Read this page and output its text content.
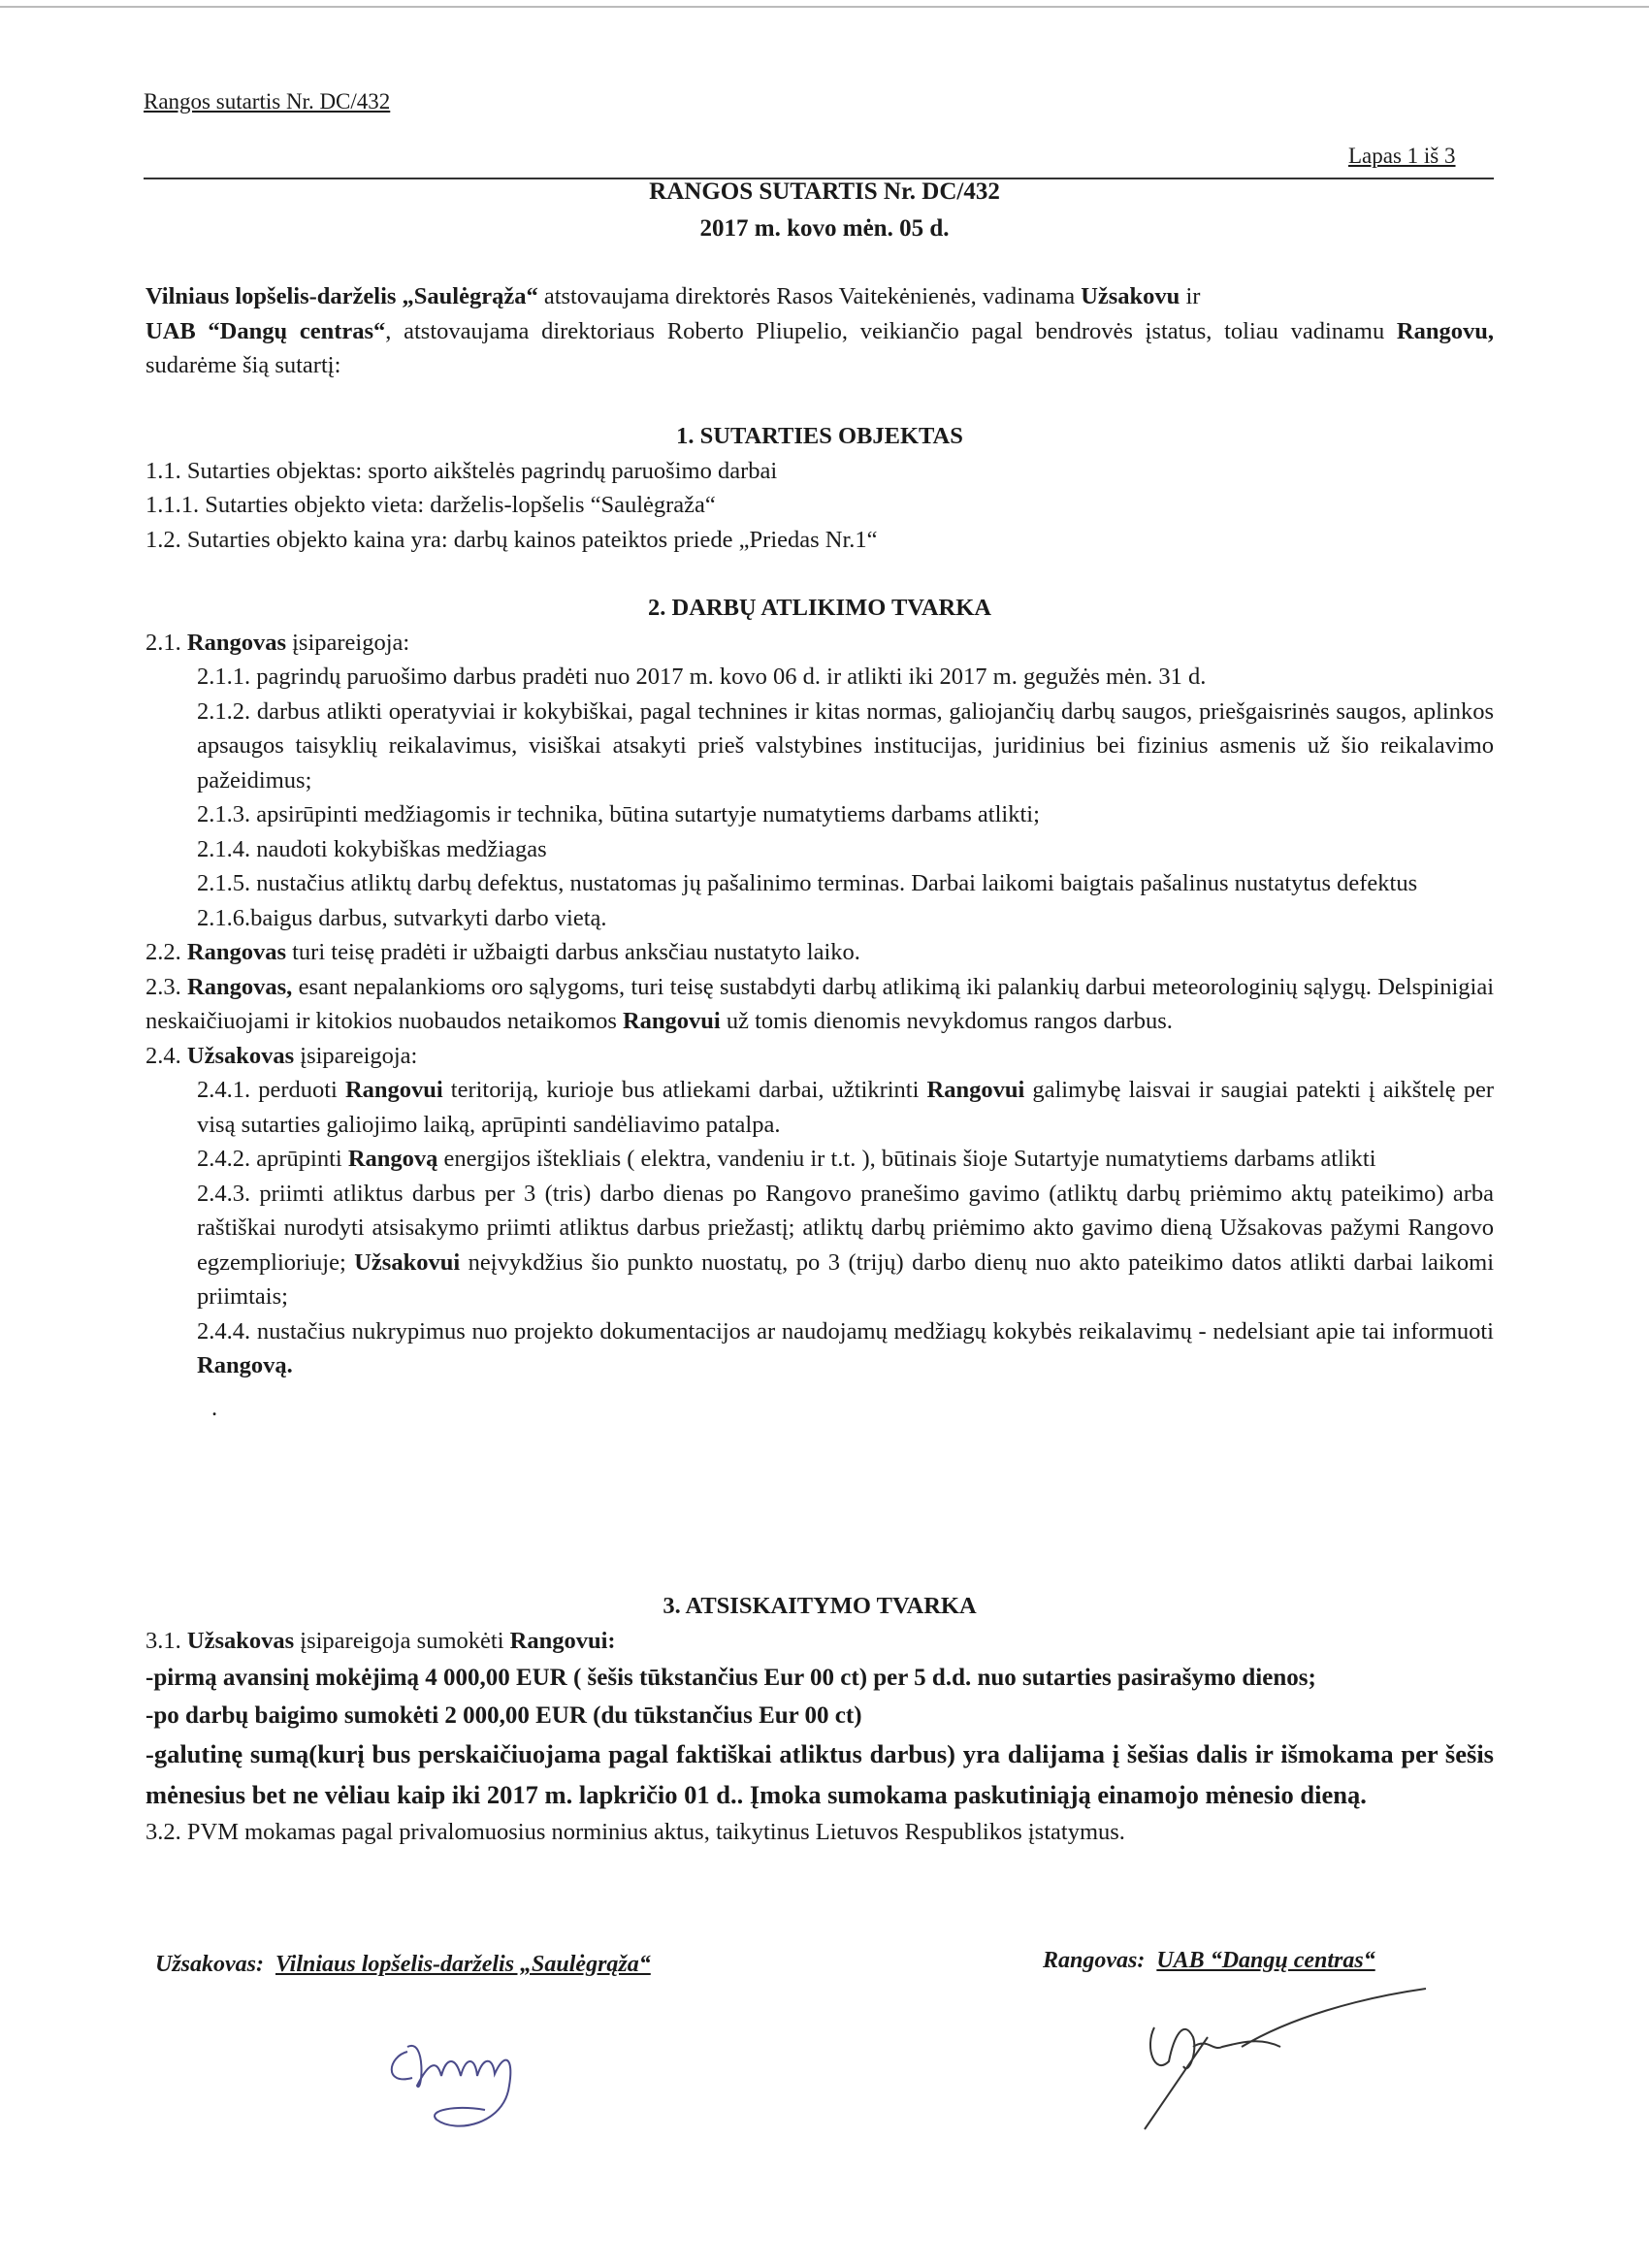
Rangos sutartis Nr. DC/432
Lapas 1 iš 3
RANGOS SUTARTIS Nr. DC/432
2017 m. kovo mėn. 05 d.

Vilniaus lopšelis-darželis „Saulėgrąža“ atstovaujama direktorės Rasos Vaitekėnienės, vadinama Užsakovu ir
UAB “Dangų centras“, atstovaujama direktoriaus Roberto Pliupelio, veikiančio pagal bendrovės įstatus, toliau vadinamu Rangovu, sudarėme šią sutartį:

1. SUTARTIES OBJEKTAS

1.1. Sutarties objektas: sporto aikštelės pagrindų paruošimo darbai

1.1.1. Sutarties objekto vieta: darželis-lopšelis “Saulėgraža“

1.2. Sutarties objekto kaina yra: darbų kainos pateiktos priede „Priedas Nr.1“

2. DARBŲ ATLIKIMO TVARKA

2.1. Rangovas įsipareigoja:

2.1.1. pagrindų paruošimo darbus pradėti nuo 2017 m. kovo 06 d. ir atlikti iki 2017 m. gegužės mėn. 31 d.

2.1.2. darbus atlikti operatyviai ir kokybiškai, pagal technines ir kitas normas, galiojančių darbų saugos, priešgaisrinės saugos, aplinkos apsaugos taisyklių reikalavimus, visiškai atsakyti prieš valstybines institucijas, juridinius bei fizinius asmenis už šio reikalavimo pažeidimus;

2.1.3. apsirūpinti medžiagomis ir technika, būtina sutartyje numatytiems darbams atlikti;

2.1.4. naudoti kokybiškas medžiagas

2.1.5. nustačius atliktų darbų defektus, nustatomas jų pašalinimo terminas. Darbai laikomi baigtais pašalinus nustatytus defektus

2.1.6.baigus darbus, sutvarkyti darbo vietą.

2.2. Rangovas turi teisę pradėti ir užbaigti darbus anksčiau nustatyto laiko.

2.3. Rangovas, esant nepalankioms oro sąlygoms, turi teisę sustabdyti darbų atlikimą iki palankių darbui meteorologinių sąlygų. Delspinigiai neskaičiuojami ir kitokios nuobaudos netaikomos Rangovui už tomis dienomis nevykdomus rangos darbus.

2.4. Užsakovas įsipareigoja:

2.4.1. perduoti Rangovui teritoriją, kurioje bus atliekami darbai, užtikrinti Rangovui galimybę laisvai ir saugiai patekti į aikštelę per visą sutarties galiojimo laiką, aprūpinti sandėliavimo patalpa.

2.4.2. aprūpinti Rangovą energijos ištekliais ( elektra, vandeniu ir t.t. ), būtinais šioje Sutartyje numatytiems darbams atlikti

2.4.3. priimti atliktus darbus per 3 (tris) darbo dienas po Rangovo pranešimo gavimo (atliktų darbų priėmimo aktų pateikimo) arba raštiškai nurodyti atsisakymo priimti atliktus darbus priežastį; atliktų darbų priėmimo akto gavimo dieną Užsakovas pažymi Rangovo egzemplioriuje; Užsakovui neįvykdžius šio punkto nuostatų, po 3 (trijų) darbo dienų nuo akto pateikimo datos atlikti darbai laikomi priimtais;

2.4.4. nustačius nukrypimus nuo projekto dokumentacijos ar naudojamų medžiagų kokybės reikalavimų - nedelsiant apie tai informuoti Rangovą.

.

3. ATSISKAITYMO TVARKA

3.1. Užsakovas įsipareigoja sumokėti Rangovui:

-pirmą avansinį mokėjimą 4 000,00 EUR ( šešis tūkstančius Eur 00 ct) per 5 d.d. nuo sutarties pasirašymo dienos;

-po darbų baigimo sumokėti 2 000,00 EUR (du tūkstančius Eur 00 ct)

-galutinę sumą(kurį bus perskaičiuojama pagal faktiškai atliktus darbus) yra dalijama į šešias dalis ir išmokama per šešis mėnesius bet ne vėliau kaip iki 2017 m. lapkričio 01 d.. Įmoka sumokama paskutiniąją einamojo mėnesio dieną.

3.2. PVM mokamas pagal privalomuosius norminius aktus, taikytinus Lietuvos Respublikos įstatymus.

Užsakovas: Vilniaus lopšelis-darželis „Saulėgrąža“	Rangovas: UAB “Dangų centras“
